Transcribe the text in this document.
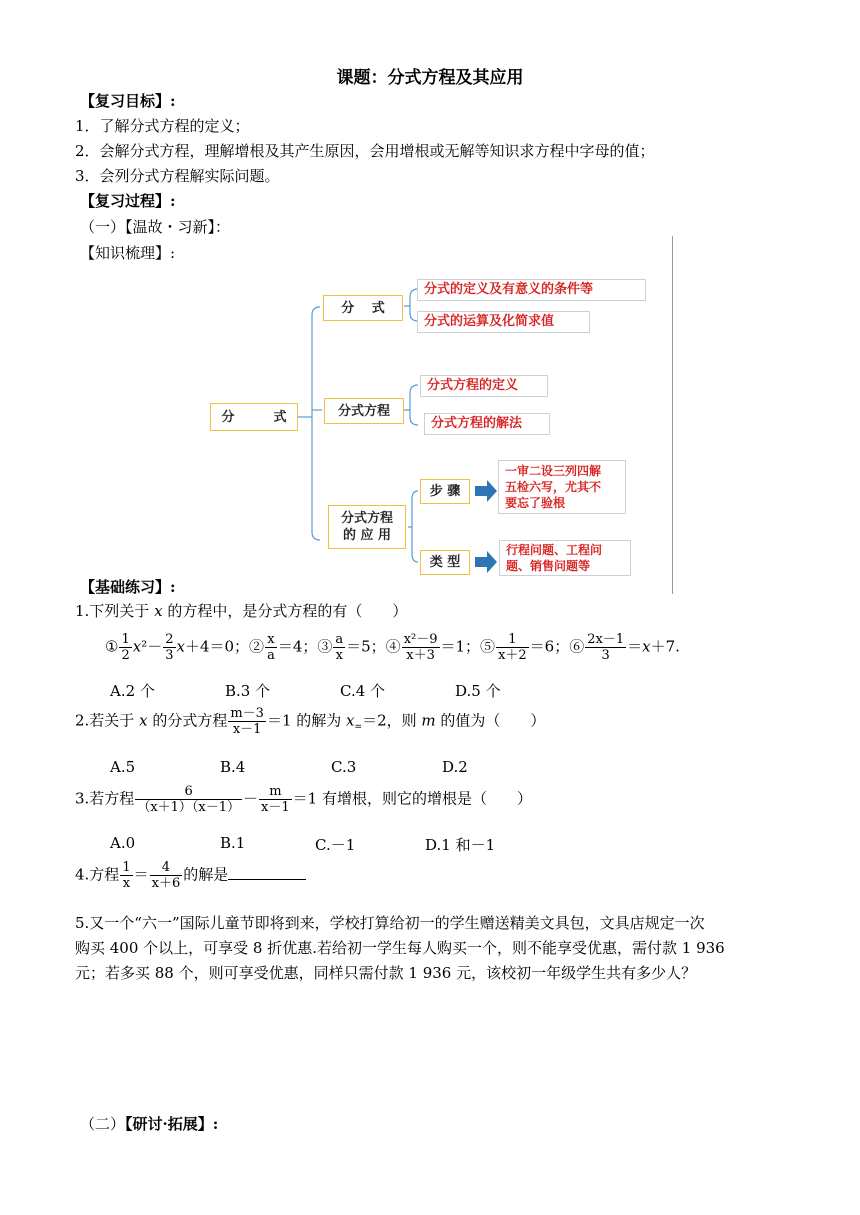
课题：分式方程及其应用
【复习目标】:
1．了解分式方程的定义；
2．会解分式方程，理解增根及其产生原因，会用增根或无解等知识求方程中字母的值；
3．会列分式方程解实际问题。
【复习过程】:
（一）【温故・习新】：
【知识梳理】:
分　　　式
分　 式
分式的定义及有意义的条件等
分式的运算及化简求值
分式方程
分式方程的定义
分式方程的解法
分式方程
的 应 用
步 骤
类 型
一审二设三列四解
五检六写，尤其不
要忘了验根
行程问题、工程问
题、销售问题等
【基础练习】:
1.下列关于 x 的方程中，是分式方程的有（　　）
① $\frac{1}{2} x^2- \frac{2}{3} x+4=0$；② $\frac{x}{a} =4$；③ $\frac{a}{x} =5$；④ $\frac{\text{x²－9}}{x+3} =1$；⑤ $\frac{1}{x+2} =6$；⑥ $\frac{2x-1}{3} =x+7$.
A.2 个	B.3 个	C.4 个	D.5 个
2.若关于 x 的分式方程 $\frac{m-3}{x-1} =1$ 的解为 $x_==2$，则 m 的值为（　　）
A.5	B.4	C.3	D.2
3.若方程 $\frac{6}{(x+1)(x-1)} - \frac{m}{x-1} =1$ 有增根，则它的增根是（　　）
A.0	B.1	C.－1	D.1 和－1
4.方程 $\frac{1}{x} = \frac{4}{x+6}$ 的解是
5.又一个“六一”国际儿童节即将到来，学校打算给初一的学生赠送精美文具包，文具店规定一次
购买 400 个以上，可享受 8 折优惠.若给初一学生每人购买一个，则不能享受优惠，需付款 1 936
元；若多买 88 个，则可享受优惠，同样只需付款 1 936 元，该校初一年级学生共有多少人？
（二）【研讨·拓展】:
